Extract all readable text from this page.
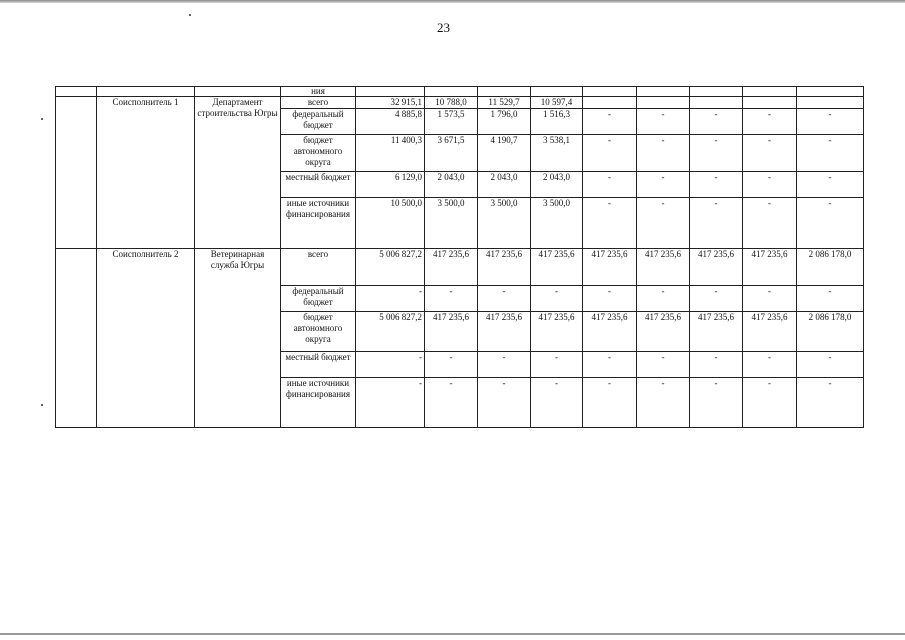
23
			ния									
	Соисполнитель 1	Департамент строительства Югры	всего	32 915,1	10 788,0	11 529,7	10 597,4					
			федеральный бюджет	4 885,8	1 573,5	1 796,0	1 516,3	-	-	-	-	-
			бюджет автономного округа	11 400,3	3 671,5	4 190,7	3 538,1	-	-	-	-	-
			местный бюджет	6 129,0	2 043,0	2 043,0	2 043,0	-	-	-	-	-
			иные источники финансирования	10 500,0	3 500,0	3 500,0	3 500,0	-	-	-	-	-
	Соисполнитель 2	Ветеринарная служба Югры	всего	5 006 827,2	417 235,6	417 235,6	417 235,6	417 235,6	417 235,6	417 235,6	417 235,6	2 086 178,0
			федеральный бюджет	-	-	-	-	-	-	-	-	-
			бюджет автономного округа	5 006 827,2	417 235,6	417 235,6	417 235,6	417 235,6	417 235,6	417 235,6	417 235,6	2 086 178,0
			местный бюджет	-	-	-	-	-	-	-	-	-
			иные источники финансирования	-	-	-	-	-	-	-	-	-
